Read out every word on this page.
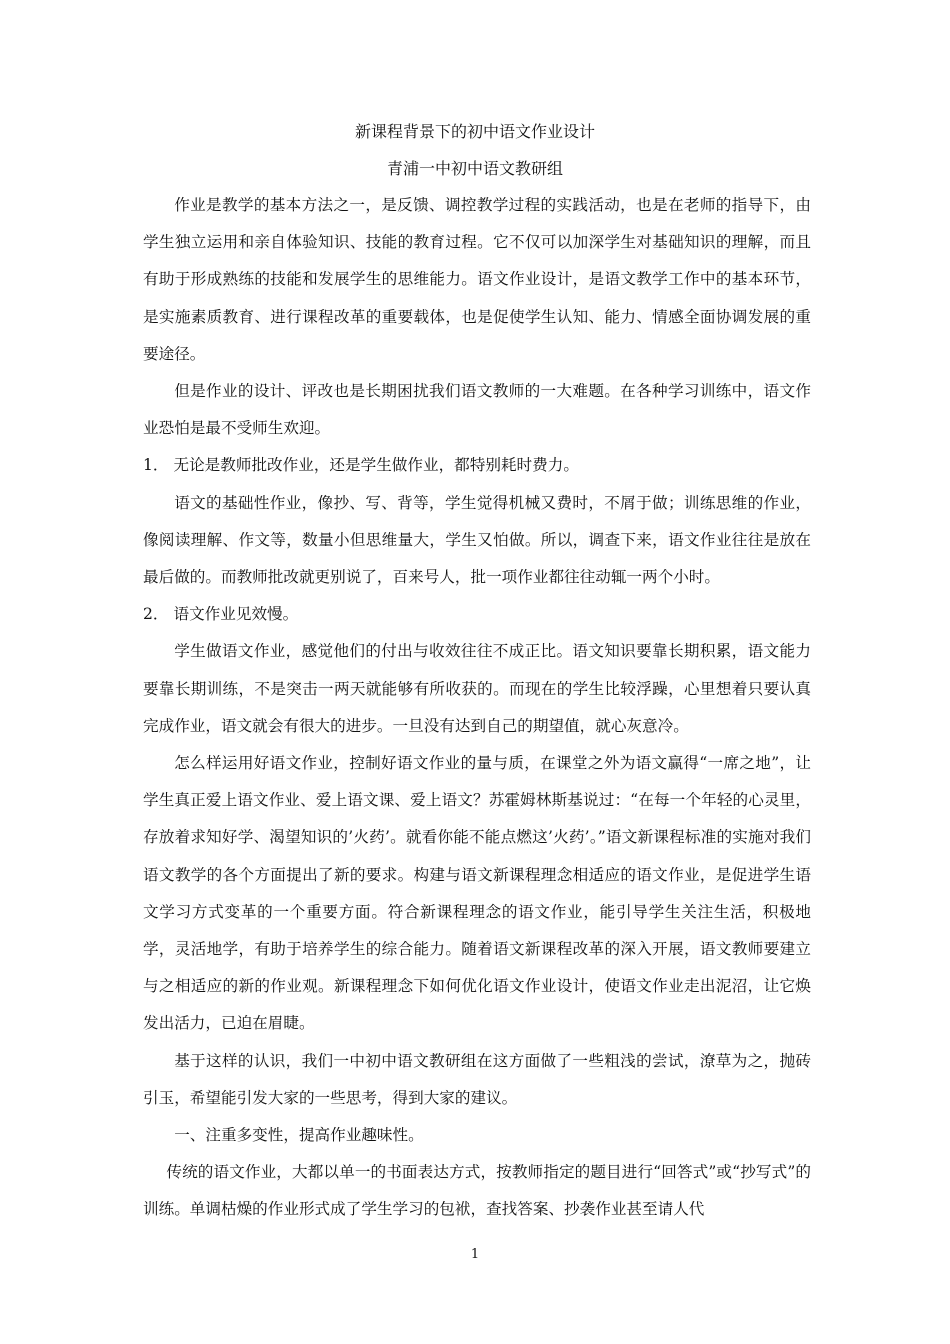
新课程背景下的初中语文作业设计
青浦一中初中语文教研组

作业是教学的基本方法之一，是反馈、调控教学过程的实践活动，也是在老师的指导下，由学生独立运用和亲自体验知识、技能的教育过程。它不仅可以加深学生对基础知识的理解，而且有助于形成熟练的技能和发展学生的思维能力。语文作业设计，是语文教学工作中的基本环节，是实施素质教育、进行课程改革的重要载体，也是促使学生认知、能力、情感全面协调发展的重要途径。

但是作业的设计、评改也是长期困扰我们语文教师的一大难题。在各种学习训练中，语文作业恐怕是最不受师生欢迎。

1． 无论是教师批改作业，还是学生做作业，都特别耗时费力。

语文的基础性作业，像抄、写、背等，学生觉得机械又费时，不屑于做；训练思维的作业，像阅读理解、作文等，数量小但思维量大，学生又怕做。所以，调查下来，语文作业往往是放在最后做的。而教师批改就更别说了，百来号人，批一项作业都往往动辄一两个小时。

2． 语文作业见效慢。

学生做语文作业，感觉他们的付出与收效往往不成正比。语文知识要靠长期积累，语文能力要靠长期训练，不是突击一两天就能够有所收获的。而现在的学生比较浮躁，心里想着只要认真完成作业，语文就会有很大的进步。一旦没有达到自己的期望值，就心灰意冷。

怎么样运用好语文作业，控制好语文作业的量与质，在课堂之外为语文赢得“一席之地”，让学生真正爱上语文作业、爱上语文课、爱上语文？苏霍姆林斯基说过：“在每一个年轻的心灵里，存放着求知好学、渴望知识的’火药’。就看你能不能点燃这’火药’。”语文新课程标准的实施对我们语文教学的各个方面提出了新的要求。构建与语文新课程理念相适应的语文作业，是促进学生语文学习方式变革的一个重要方面。符合新课程理念的语文作业，能引导学生关注生活，积极地学，灵活地学，有助于培养学生的综合能力。随着语文新课程改革的深入开展，语文教师要建立与之相适应的新的作业观。新课程理念下如何优化语文作业设计，使语文作业走出泥沼，让它焕发出活力，已迫在眉睫。

基于这样的认识，我们一中初中语文教研组在这方面做了一些粗浅的尝试，潦草为之，抛砖引玉，希望能引发大家的一些思考，得到大家的建议。

一、注重多变性，提高作业趣味性。

传统的语文作业，大都以单一的书面表达方式，按教师指定的题目进行“回答式”或“抄写式”的训练。单调枯燥的作业形式成了学生学习的包袱，查找答案、抄袭作业甚至请人代

1
